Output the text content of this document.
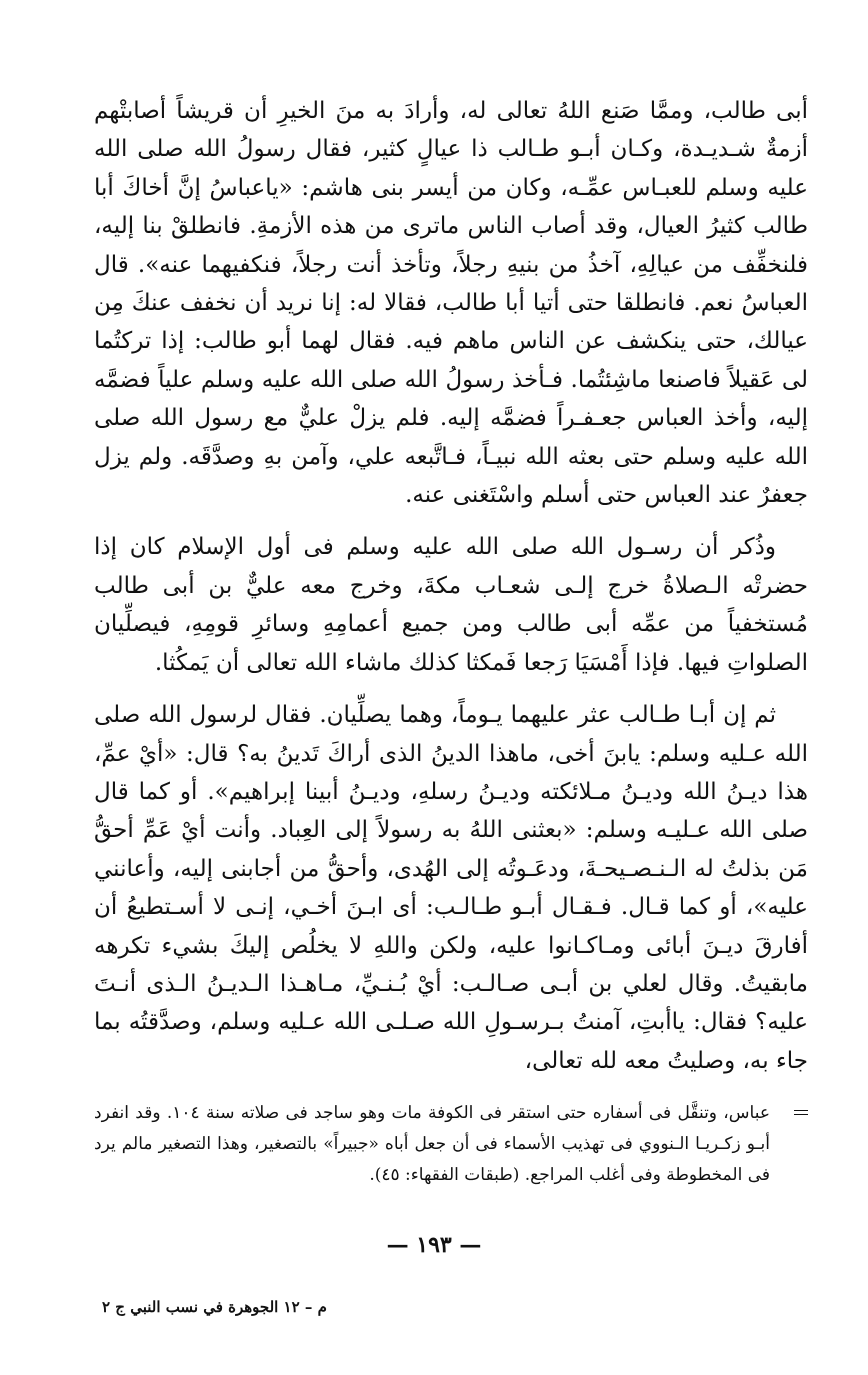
أبى طالب، وممَّا صَنع اللهُ تعالى له، وأرادَ به منَ الخيرِ أن قريشاً أصابتْهم أزمةٌ شـديـدة، وكـان أبـو طـالب ذا عيالٍ كثير، فقال رسولُ الله صلى الله عليه وسلم للعبـاس عمِّـه، وكان من أيسر بنى هاشم: «ياعباسُ إنَّ أخاكَ أبا طالب كثيرُ العيال، وقد أصاب الناس ماترى من هذه الأزمةِ. فانطلقْ بنا إليه، فلنخفِّف من عيالِهِ، آخذُ من بنيهِ رجلاً، وتأخذ أنت رجلاً، فنكفيهما عنه». قال العباسُ نعم. فانطلقا حتى أتيا أبا طالب، فقالا له: إنا نريد أن نخفف عنكَ مِن عيالك، حتى ينكشف عن الناس ماهم فيه. فقال لهما أبو طالب: إذا تركتُما لى عَقيلاً فاصنعا ماشِئتُما. فـأخذ رسولُ الله صلى الله عليه وسلم علياً فضمَّه إليه، وأخذ العباس جعـفـراً فضمَّه إليه. فلم يزلْ عليٌّ مع رسول الله صلى الله عليه وسلم حتى بعثه الله نبيـاً، فـاتَّبعه علي، وآمن بهِ وصدَّقَه. ولم يزل جعفرٌ عند العباس حتى أسلم واسْتَغنى عنه.

وذُكر أن رسـول الله صلى الله عليه وسلم فى أول الإسلام كان إذا حضرتْه الـصلاةُ خرج إلـى شعـاب مكةَ، وخرج معه عليٌّ بن أبى طالب مُستخفياً من عمِّه أبى طالب ومن جميع أعمامِهِ وسائرِ قومِهِ، فيصلِّيان الصلواتِ فيها. فإذا أَمْسَيَا رَجعا فَمكثا كذلك ماشاء الله تعالى أن يَمكُثا.

ثم إن أبـا طـالب عثر عليهما يـوماً، وهما يصلِّيان. فقال لرسول الله صلى الله عـليه وسلم: يابنَ أخى، ماهذا الدينُ الذى أراكَ تَدينُ به؟ قال: «أيْ عمِّ، هذا ديـنُ الله وديـنُ مـلائكته وديـنُ رسلهِ، وديـنُ أبينا إبراهيم». أو كما قال صلى الله عـليـه وسلم: «بعثنى اللهُ به رسولاً إلى العِباد. وأنت أيْ عَمِّ أحقُّ مَن بذلتُ له الـنـصـيحـةَ، ودعَـوتُه إلى الهُدى، وأحقُّ من أجابنى إليه، وأعانني عليه»، أو كما قـال. فـقـال أبـو طـالـب: أى ابـنَ أخـي، إنـى لا أسـتطيعُ أن أفارقَ ديـنَ أبائى ومـاكـانوا عليه، ولكن واللهِ لا يخلُص إليكَ بشيء تكرهه مابقيتُ. وقال لعلي بن أبـى صـالـب: أيْ بُـنـيِّ، مـاهـذا الـديـنُ الـذى أنـتَ عليه؟ فقال: ياأبتِ، آمنتُ بـرسـولِ الله صـلـى الله عـليه وسلم، وصدَّقتُه بما جاء به، وصليتُ معه لله تعالى،

عباس، وتنقَّل فى أسفاره حتى استقر فى الكوفة مات وهو ساجد فى صلاته سنة ١٠٤. وقد انفرد أبـو زكـريـا الـنووي فى تهذيب الأسماء فى أن جعل أباه «جبيراً» بالتصغير، وهذا التصغير مالم يرد فى المخطوطة وفى أغلب المراجع. (طبقات الفقهاء: ٤٥).

— ١٩٣ —
م – ١٢ الجوهرة في نسب النبي ج ٢
